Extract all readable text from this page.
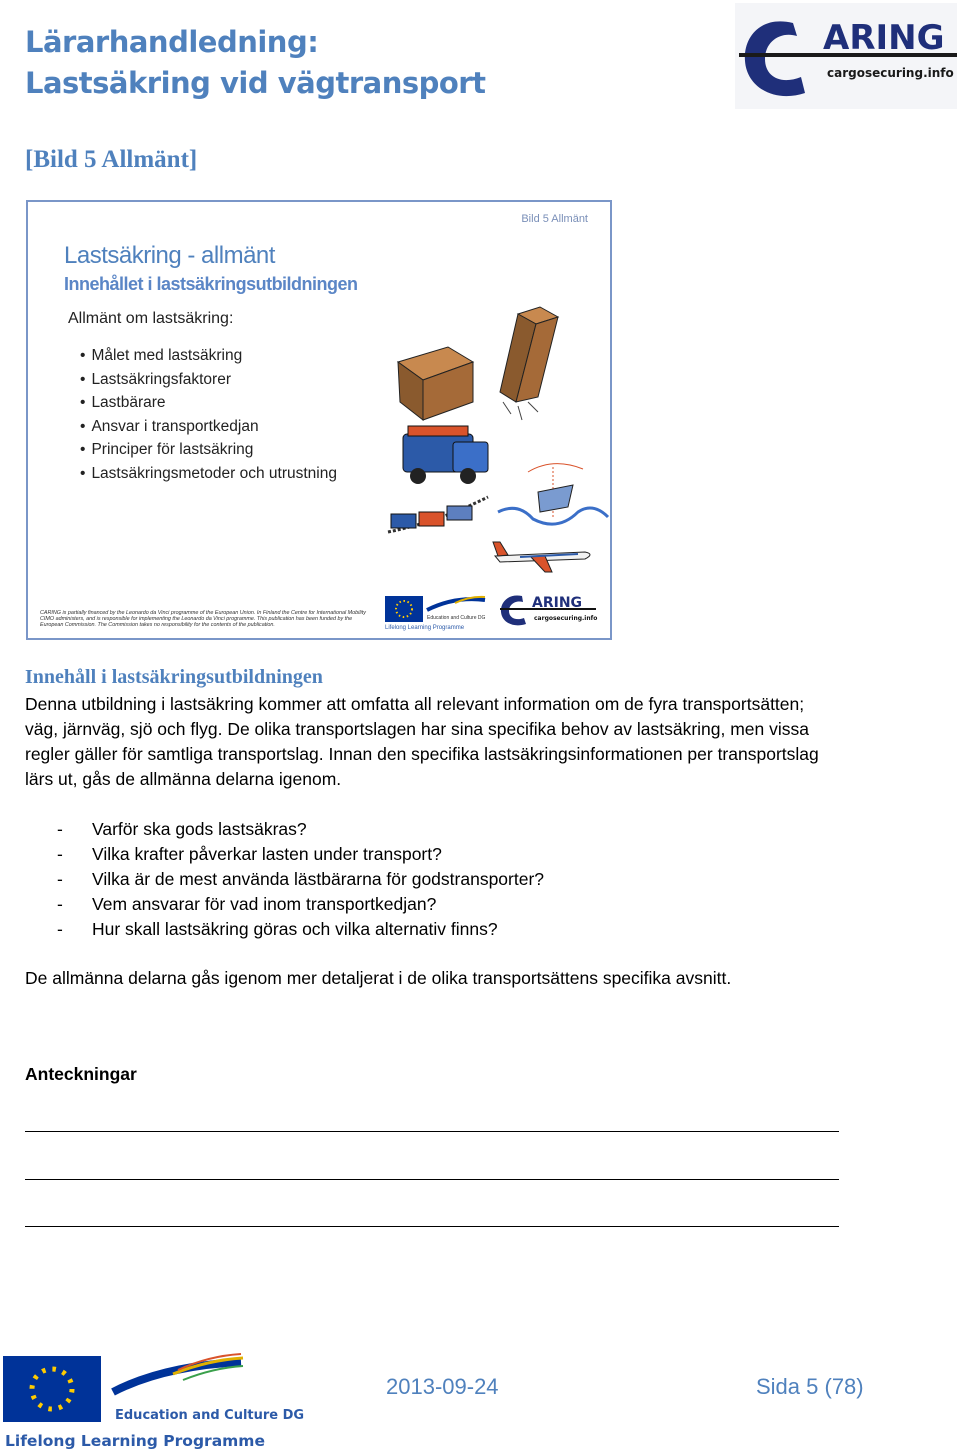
Lärarhandledning:
Lastsäkring vid vägtransport
ARING
cargosecuring.info
[Bild 5 Allmänt]
Bild 5 Allmänt
Lastsäkring - allmänt
Innehållet i lastsäkringsutbildningen
Allmänt om lastsäkring:
• Målet med lastsäkring
• Lastsäkringsfaktorer
• Lastbärare
• Ansvar i transportkedjan
• Principer för lastsäkring
• Lastsäkringsmetoder och utrustning
Education and Culture DG
Lifelong Learning Programme
ARING
cargosecuring.info
CARING is partially financed by the Leonardo da Vinci programme of the European Union. In Finland the Centre for International Mobility CIMO administers, and is responsible for implementing the Leonardo da Vinci programme. This publication has been funded by the European Commission. The Commission takes no responsibility for the contents of the publication.
Innehåll i lastsäkringsutbildningen
Denna utbildning i lastsäkring kommer att omfatta all relevant information om de fyra transportsätten; väg, järnväg, sjö och flyg. De olika transportslagen har sina specifika behov av lastsäkring, men vissa regler gäller för samtliga transportslag. Innan den specifika lastsäkringsinformationen per transportslag lärs ut, gås de allmänna delarna igenom.
- Varför ska gods lastsäkras?
- Vilka krafter påverkar lasten under transport?
- Vilka är de mest använda lästbärarna för godstransporter?
- Vem ansvarar för vad inom transportkedjan?
- Hur skall lastsäkring göras och vilka alternativ finns?
De allmänna delarna gås igenom mer detaljerat i de olika transportsättens specifika avsnitt.
Anteckningar
Education and Culture DG
Lifelong Learning Programme
2013-09-24	Sida 5 (78)
